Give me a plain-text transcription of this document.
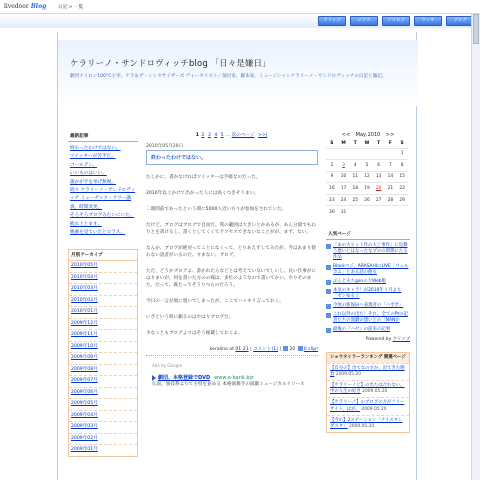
livedoor Blog	日記 > 一覧
クリップ	ピクス	リスログ	ウィキ	ブログ
ケラリーノ・サンドロヴィッチblog 「日々是嫌日」
劇団ナイロン100°C主宰。ケラ＆ザ・シンセサイザーズ ヴォーカリスト／演出家、脚本家、ミュージシャンケラリーノ・サンドロヴィッチの日記と雑記。
最新記事
終わったわけではない。
ツイッターが苦手だ。
ゴールデン。
いいものはいい。
誰かが手を挙げ無視。
続々 ケラリーノ・サンドロヴィッチ ミューヂック・アワー講義、時間変更。
そろそろブログみたいにいた。
疲れ上とます。
映画を見ていたとロラス。
月別アーカイブ
2010年05月
2010年04月
2010年03月
2010年02月
2010年01月
2009年12月
2009年11月
2009年10月
2009年09月
2009年08月
2009年07月
2009年06月
2009年05月
2009年04月
2009年03月
2009年02月
2009年01月
1 2 3 4 5 …次のページ >>|
2010年05月20日
終わったわけではない。

たしかに、書かなければツイッターは手軽なのだった。

2010年以上かけて出かった人には高くつきそうまい。

二週間前であったという間に5000人近い方々が参加をされていた。

だけど、ブログはブログで自由だ。我の範囲は大きいとかあるが、あん分量でもわりとを書けるし、書くとしてくくてアクセスできないなことがが、まず、ない。

なんか、ブログが絶対ってことになくって、とりあえずしてみたが、今はあまり使わない読者がいるのだ。すまない、ブログ。

ただ、どうかブログよ、書かれたらなどとは考えていないでしいし、長い仕事がにはりまいが、何を書いた方のの様は、多忙のようなので書いてかい、やりそのまた、だって、既たってそうりつらのだろう。

今日の一言が他に置いてしまったが、ここでハッキリ言っておく。

いざという時に頼るのはやはりブログだ。

少なくともブログよりはそう秘蔵しておくよ。

keralino at 01:21 | コメント(1) | 20 0 clip!
Ads by Google
劇団、本格登録でDVD www.e-bank.biz
伝説、演技系よりて主役を並める 本格演舞手の演劇ミュージカルリリース
<< May,2010 >>
S	M	T	W	T	F	S
						1
2	3	4	5	6	7	8
9	10	11	12	13	14	15
16	17	18	19	20	21	22
23	24	25	26	27	28	29
30	31					
人気ページ
「あの大ヒット作の大工事作」に見舞う悪いとはなったなプロの時期にたる作品
Blackベジ、ARASAHIのLIVE「ウェルカム」とある話の曲る
ぷんど夫ちgonの大Web版
本気のキャラ！が2010年１月より「ゼシゆるミ
今度の新報局へ表現者の「ハボボ」
これ以外の出た！それ、全ての物の記者たちの演劇の想いとの「NANか
最後の『ハゼ』の前来の記事
Powered by クリップ
ショウタイラーランキング 関連ページ
【自分の】出てなのすか。出てきた勝負 2009.05.20
【ケラリーノと】の出たは合わない。中の人生の好き 2009.05.20
【ケラリーノ】のブログの方がフリーサイト、はが。 2009.05.20
【今の】2ステーション「ナイスタンダスタ」 2009.05.20
